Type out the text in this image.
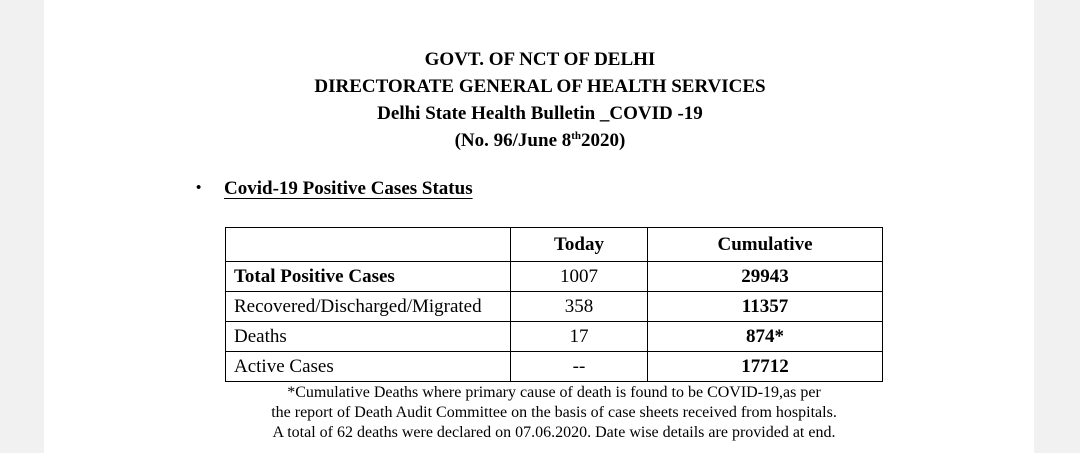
GOVT. OF NCT OF DELHI
DIRECTORATE GENERAL OF HEALTH SERVICES
Delhi State Health Bulletin _COVID -19
(No. 96/June 8th2020)
• Covid-19 Positive Cases Status
	Today	Cumulative
Total Positive Cases	1007	29943
Recovered/Discharged/Migrated	358	11357
Deaths	17	874*
Active Cases	--	17712
*Cumulative Deaths where primary cause of death is found to be COVID-19,as per
the report of Death Audit Committee on the basis of case sheets received from hospitals.
A total of 62 deaths were declared on 07.06.2020. Date wise details are provided at end.
